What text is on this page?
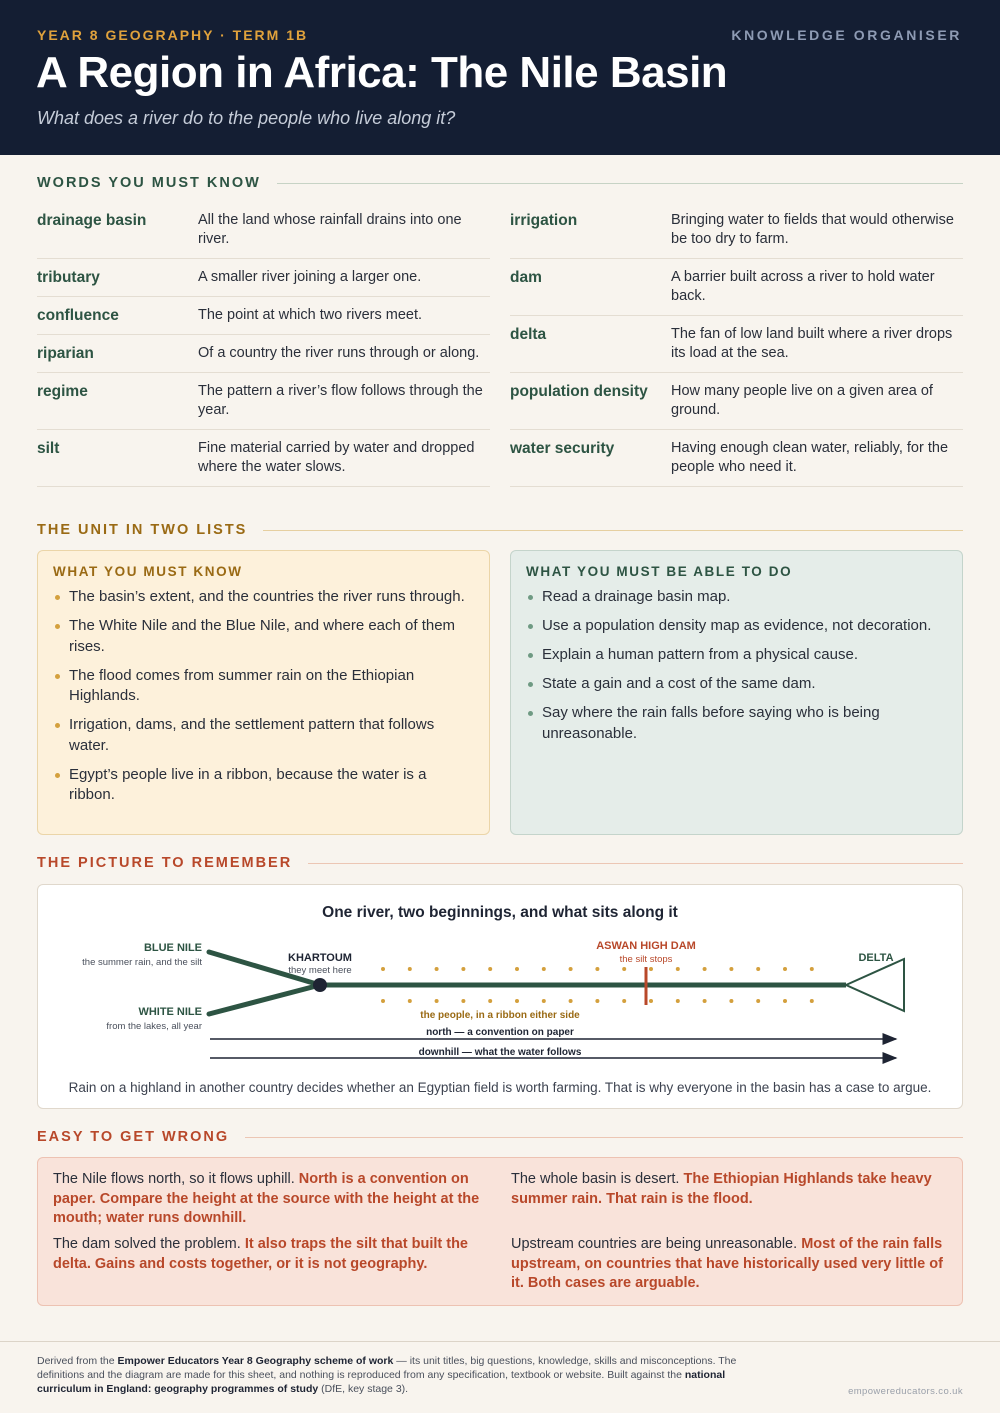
YEAR 8 GEOGRAPHY · TERM 1B	KNOWLEDGE ORGANISER
A Region in Africa: The Nile Basin
What does a river do to the people who live along it?
WORDS YOU MUST KNOW
drainage basin	All the land whose rainfall drains into one river.
tributary	A smaller river joining a larger one.
confluence	The point at which two rivers meet.
riparian	Of a country the river runs through or along.
regime	The pattern a river’s flow follows through the year.
silt	Fine material carried by water and dropped where the water slows.
irrigation	Bringing water to fields that would otherwise be too dry to farm.
dam	A barrier built across a river to hold water back.
delta	The fan of low land built where a river drops its load at the sea.
population density	How many people live on a given area of ground.
water security	Having enough clean water, reliably, for the people who need it.
THE UNIT IN TWO LISTS
WHAT YOU MUST KNOW
The basin’s extent, and the countries the river runs through.
The White Nile and the Blue Nile, and where each of them rises.
The flood comes from summer rain on the Ethiopian Highlands.
Irrigation, dams, and the settlement pattern that follows water.
Egypt’s people live in a ribbon, because the water is a ribbon.
WHAT YOU MUST BE ABLE TO DO
Read a drainage basin map.
Use a population density map as evidence, not decoration.
Explain a human pattern from a physical cause.
State a gain and a cost of the same dam.
Say where the rain falls before saying who is being unreasonable.
THE PICTURE TO REMEMBER
One river, two beginnings, and what sits along it
BLUE NILE
the summer rain, and the silt
WHITE NILE
from the lakes, all year
KHARTOUM
they meet here
ASWAN HIGH DAM
the silt stops	DELTA
the people, in a ribbon either side
north — a convention on paper
downhill — what the water follows
Rain on a highland in another country decides whether an Egyptian field is worth farming. That is why everyone in the basin has a case to argue.
EASY TO GET WRONG
The Nile flows north, so it flows uphill. North is a convention on paper. Compare the height at the source with the height at the mouth; water runs downhill.
The whole basin is desert. The Ethiopian Highlands take heavy summer rain. That rain is the flood.
The dam solved the problem. It also traps the silt that built the delta. Gains and costs together, or it is not geography.
Upstream countries are being unreasonable. Most of the rain falls upstream, on countries that have historically used very little of it. Both cases are arguable.
Derived from the Empower Educators Year 8 Geography scheme of work — its unit titles, big questions, knowledge, skills and misconceptions. The definitions and the diagram are made for this sheet, and nothing is reproduced from any specification, textbook or website. Built against the national curriculum in England: geography programmes of study (DfE, key stage 3).	empowereducators.co.uk
